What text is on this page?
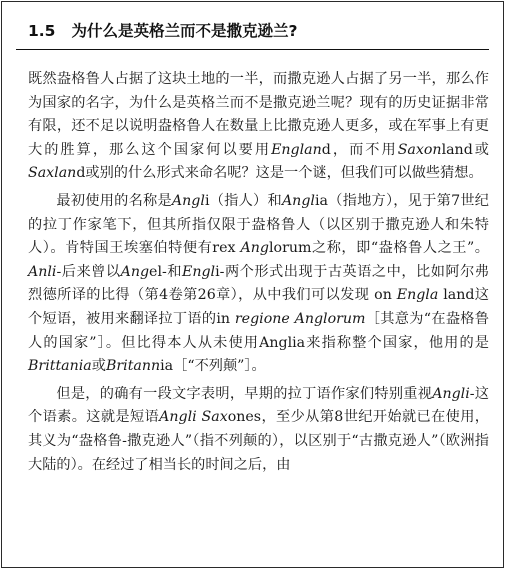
1.5 为什么是英格兰而不是撒克逊兰?

既然盎格鲁人占据了这块土地的一半，而撒克逊人占据了另一半，那么作为国家的名字，为什么是英格兰而不是撒克逊兰呢？现有的历史证据非常有限，还不足以说明盎格鲁人在数量上比撒克逊人更多，或在军事上有更大的胜算，那么这个国家何以要用England，而不用Saxonland或Saxland或别的什么形式来命名呢？这是一个谜，但我们可以做些猜想。

最初使用的名称是Angli（指人）和Anglia（指地方），见于第7世纪的拉丁作家笔下，但其所指仅限于盎格鲁人（以区别于撒克逊人和朱特人）。肯特国王埃塞伯特便有rex Anglorum之称，即“盎格鲁人之王”。Anli-后来曾以Angel-和Engli-两个形式出现于古英语之中，比如阿尔弗烈德所译的比得（第4卷第26章），从中我们可以发现 on Engla land这个短语，被用来翻译拉丁语的in regione Anglorum［其意为“在盎格鲁人的国家”］。但比得本人从未使用Anglia来指称整个国家，他用的是Brittania或Britannia［“不列颠”］。

但是，的确有一段文字表明，早期的拉丁语作家们特别重视Angli-这个语素。这就是短语Angli Saxones，至少从第8世纪开始就已在使用，其义为“盎格鲁-撒克逊人”（指不列颠的），以区别于“古撒克逊人”（欧洲指大陆的）。在经过了相当长的时间之后，由
